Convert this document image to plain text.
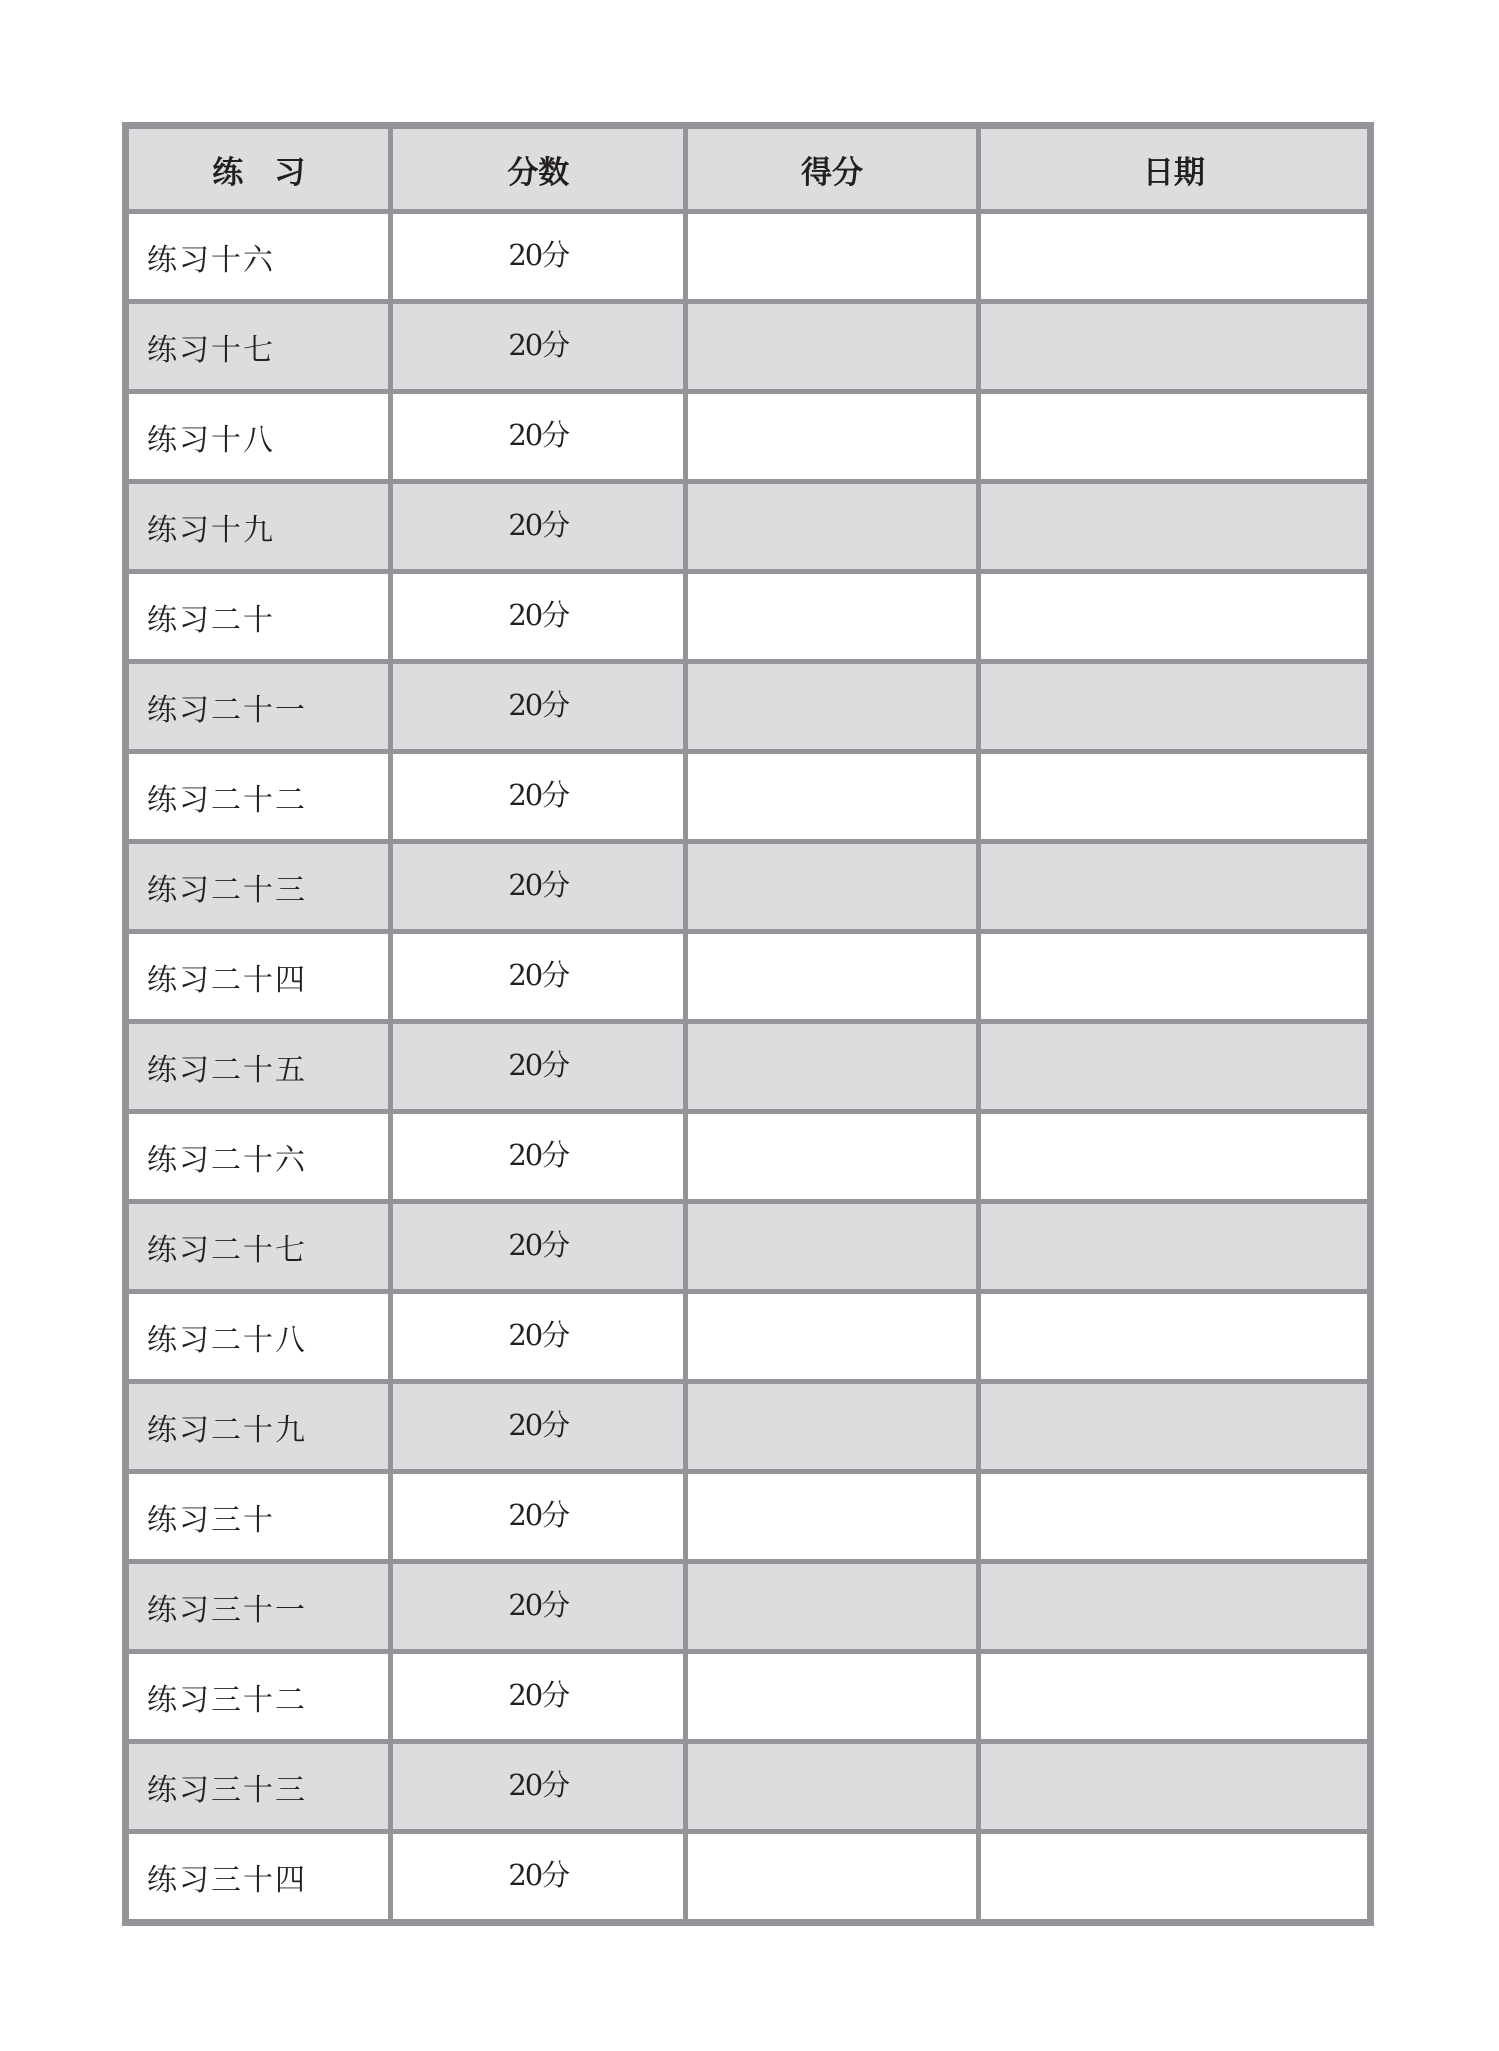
练　习	分数	得分	日期
练习十六	20分		
练习十七	20分		
练习十八	20分		
练习十九	20分		
练习二十	20分		
练习二十一	20分		
练习二十二	20分		
练习二十三	20分		
练习二十四	20分		
练习二十五	20分		
练习二十六	20分		
练习二十七	20分		
练习二十八	20分		
练习二十九	20分		
练习三十	20分		
练习三十一	20分		
练习三十二	20分		
练习三十三	20分		
练习三十四	20分		
